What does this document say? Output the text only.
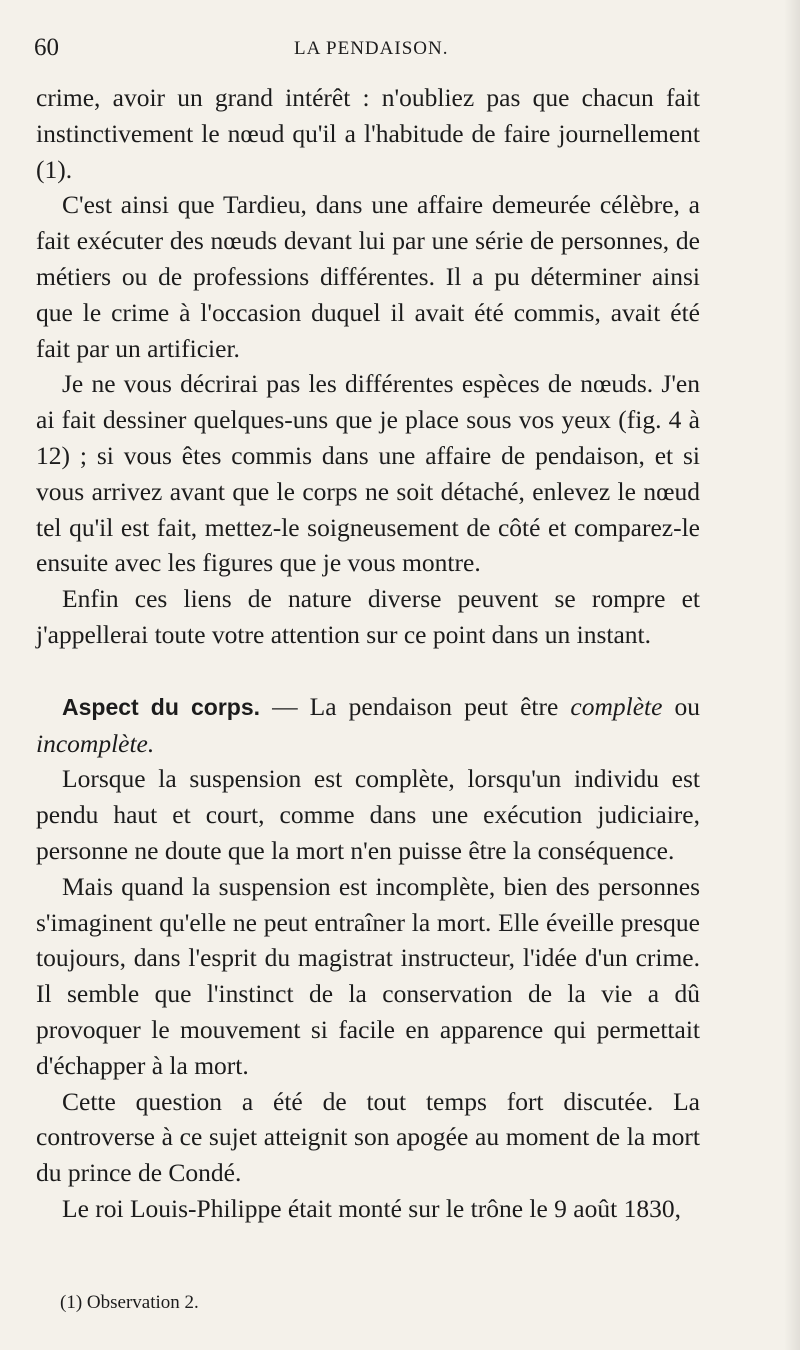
60	LA PENDAISON.

crime, avoir un grand intérêt : n'oubliez pas que chacun fait instinctivement le nœud qu'il a l'habitude de faire journellement (1).

C'est ainsi que Tardieu, dans une affaire demeurée célèbre, a fait exécuter des nœuds devant lui par une série de personnes, de métiers ou de professions différentes. Il a pu déterminer ainsi que le crime à l'occasion duquel il avait été commis, avait été fait par un artificier.

Je ne vous décrirai pas les différentes espèces de nœuds. J'en ai fait dessiner quelques-uns que je place sous vos yeux (fig. 4 à 12) ; si vous êtes commis dans une affaire de pendaison, et si vous arrivez avant que le corps ne soit détaché, enlevez le nœud tel qu'il est fait, mettez-le soigneusement de côté et comparez-le ensuite avec les figures que je vous montre.

Enfin ces liens de nature diverse peuvent se rompre et j'appellerai toute votre attention sur ce point dans un instant.

Aspect du corps. — La pendaison peut être complète ou incomplète.

Lorsque la suspension est complète, lorsqu'un individu est pendu haut et court, comme dans une exécution judiciaire, personne ne doute que la mort n'en puisse être la conséquence.

Mais quand la suspension est incomplète, bien des personnes s'imaginent qu'elle ne peut entraîner la mort. Elle éveille presque toujours, dans l'esprit du magistrat instructeur, l'idée d'un crime. Il semble que l'instinct de la conservation de la vie a dû provoquer le mouvement si facile en apparence qui permettait d'échapper à la mort.

Cette question a été de tout temps fort discutée. La controverse à ce sujet atteignit son apogée au moment de la mort du prince de Condé.

Le roi Louis-Philippe était monté sur le trône le 9 août 1830,

(1) Observation 2.
